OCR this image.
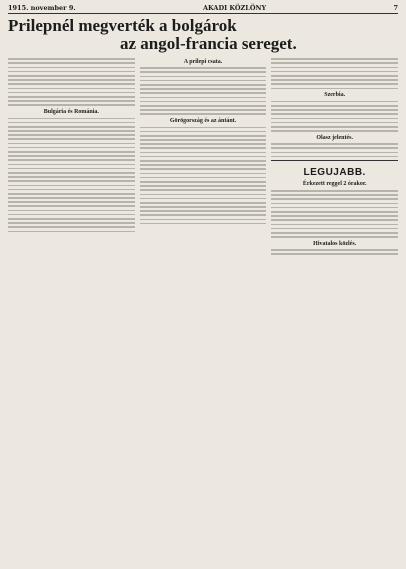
1915. november 9.	AKADI KÖZLÖNY	7
Prilepnél megverték a bolgárok
az angol-francia sereget.
Bulgária és Románia.
A prilepi csata.
Görögország és az ántánt.
Szerbia.
Olasz jelentés.
LEGUJABB.
Érkezett reggel 2 órakor.
Hivatalos közlés.
